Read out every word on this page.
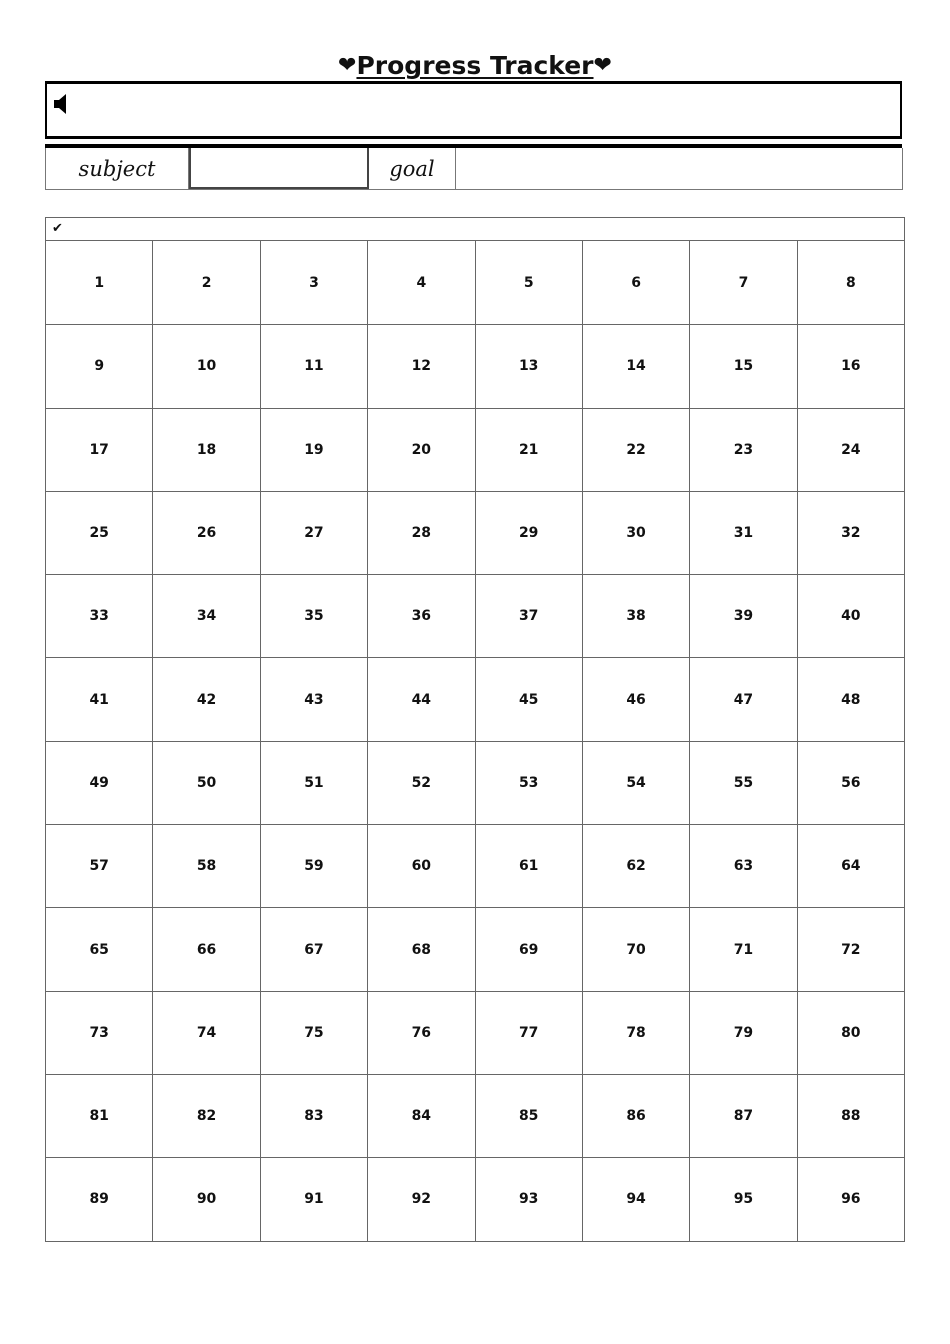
❤Progress Tracker❤
subject	goal
✔
1	2	3	4	5	6	7	8
9	10	11	12	13	14	15	16
17	18	19	20	21	22	23	24
25	26	27	28	29	30	31	32
33	34	35	36	37	38	39	40
41	42	43	44	45	46	47	48
49	50	51	52	53	54	55	56
57	58	59	60	61	62	63	64
65	66	67	68	69	70	71	72
73	74	75	76	77	78	79	80
81	82	83	84	85	86	87	88
89	90	91	92	93	94	95	96
